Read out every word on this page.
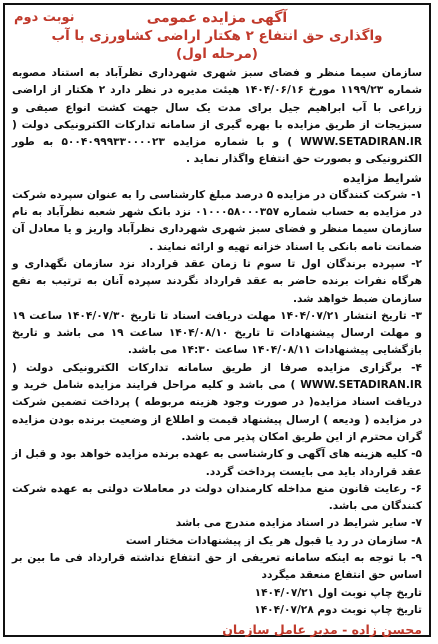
آگهی مزایده عمومی
نوبت دوم
واگذاری حق انتفاع ۲ هکتار اراضی کشاورزی با آب
(مرحله اول)

سازمان سیما منظر و فضای سبز شهری شهرداری نظرآباد به استناد مصوبه شماره ۱۱۹۹/۲۳ مورخ ۱۴۰۴/۰۶/۱۶ هیئت مدیره در نظر دارد ۲ هکتار از اراضی زراعی با آب ابراهیم جیل برای مدت یک سال جهت کشت انواع صیفی و سبزیجات از طریق مزایده با بهره گیری از سامانه تدارکات الکترونیکی دولت ( WWW.SETADIRAN.IR ) و با شماره مزایده ۵۰۰۴۰۹۹۹۳۳۰۰۰۰۲۳ به طور الکترونیکی و بصورت حق انتفاع واگذار نماید .

شرایط مزایده

۱- شرکت کنندگان در مزایده ۵ درصد مبلغ کارشناسی را به عنوان سپرده شرکت در مزایده به حساب شماره ۰۱۰۰۰۵۸۰۰۰۳۵۷ نزد بانک شهر شعبه نظرآباد به نام سازمان سیما منظر و فضای سبز شهری شهرداری نظرآباد واریز و یا معادل آن ضمانت نامه بانکی یا اسناد خزانه تهیه و ارائه نمایند .

۲- سپرده برندگان اول تا سوم تا زمان عقد قرارداد نزد سازمان نگهداری و هرگاه نفرات برنده حاضر به عقد قرارداد نگردند سپرده آنان به ترتیب به نفع سازمان ضبط خواهد شد.

۳- تاریخ انتشار ۱۴۰۴/۰۷/۲۱ مهلت دریافت اسناد تا تاریخ ۱۴۰۴/۰۷/۳۰ ساعت ۱۹ و مهلت ارسال پیشنهادات تا تاریخ ۱۴۰۴/۰۸/۱۰ ساعت ۱۹ می باشد و تاریخ بازگشایی پیشنهادات ۱۴۰۴/۰۸/۱۱ ساعت ۱۴:۳۰ می باشد.

۴- برگزاری مزایده صرفا از طریق سامانه تدارکات الکترونیکی دولت ( WWW.SETADIRAN.IR ) می باشد و کلیه مراحل فرایند مزایده شامل خرید و دریافت اسناد مزایده( در صورت وجود هزینه مربوطه ) پرداخت تضمین شرکت در مزایده ( ودیعه ) ارسال پیشنهاد قیمت و اطلاع از وضعیت برنده بودن مزایده گران محترم از این طریق امکان پذیر می باشد.

۵- کلیه هزینه های آگهی و کارشناسی به عهده برنده مزایده خواهد بود و قبل از عقد قرارداد باید می بایست پرداخت گردد.

۶- رعایت قانون منع مداخله کارمندان دولت در معاملات دولتی به عهده شرکت کنندگان می باشد.

۷- سایر شرایط در اسناد مزایده مندرج می باشد

۸- سازمان در رد یا قبول هر یک از پیشنهادات مختار است

۹- با توجه به اینکه سامانه تعریفی از حق انتفاع نداشته قرارداد فی ما بین بر اساس حق انتفاع منعقد میگردد

تاریخ چاپ نوبت اول ۱۴۰۴/۰۷/۲۱

تاریخ چاپ نوبت دوم ۱۴۰۴/۰۷/۲۸

محسن زاده - مدیر عامل سازمان
